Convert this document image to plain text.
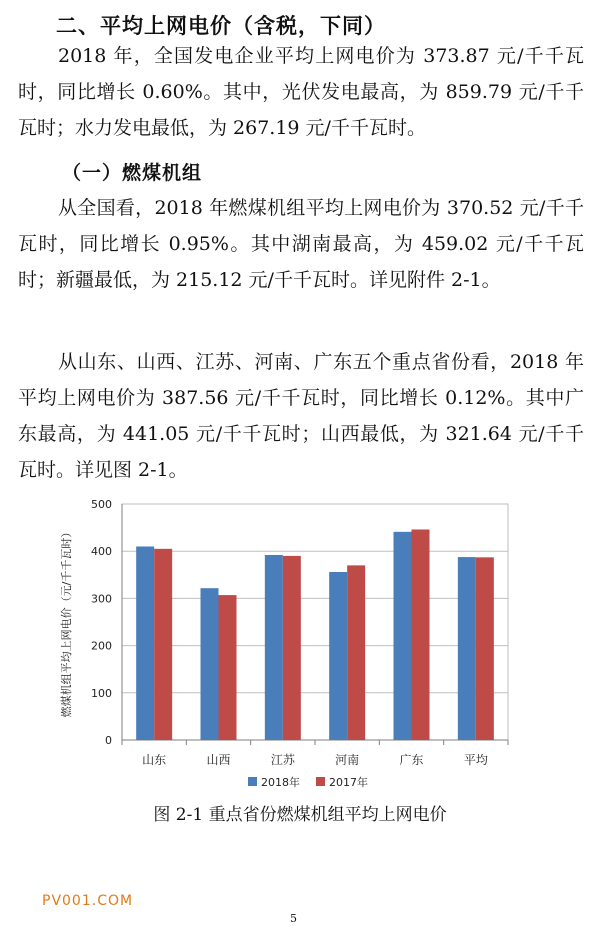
二、平均上网电价（含税，下同）

2018 年，全国发电企业平均上网电价为 373.87 元/千千瓦时，同比增长 0.60%。其中，光伏发电最高，为 859.79 元/千千瓦时；水力发电最低，为 267.19 元/千千瓦时。

（一）燃煤机组

从全国看，2018 年燃煤机组平均上网电价为 370.52 元/千千瓦时，同比增长 0.95%。其中湖南最高，为 459.02 元/千千瓦时；新疆最低，为 215.12 元/千千瓦时。详见附件 2-1。

从山东、山西、江苏、河南、广东五个重点省份看，2018 年平均上网电价为 387.56 元/千千瓦时，同比增长 0.12%。其中广东最高，为 441.05 元/千千瓦时；山西最低，为 321.64 元/千千瓦时。详见图 2-1。

0
100
200
300
400
500
山东	山西	江苏	河南	广东	平均
燃煤机组平均上网电价（元/千千瓦时）
2018年	2017年
图 2-1 重点省份燃煤机组平均上网电价
PV001.COM
5
